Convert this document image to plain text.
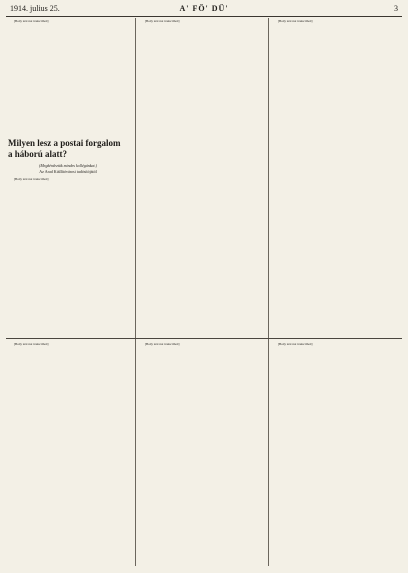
1914. julius 25.	A' FÖ' DÜ'	3

[Body text not transcribed]

Milyen lesz a postai forgalom
a háború alatt?
(Megkérdeztük mindes kollégánkat.)
Az Arad Kiállítóvárosi tudósítójától

[Body text not transcribed]

[Body text not transcribed]	[Body text not transcribed]

[Body text not transcribed]	[Body text not transcribed]	[Body text not transcribed]
